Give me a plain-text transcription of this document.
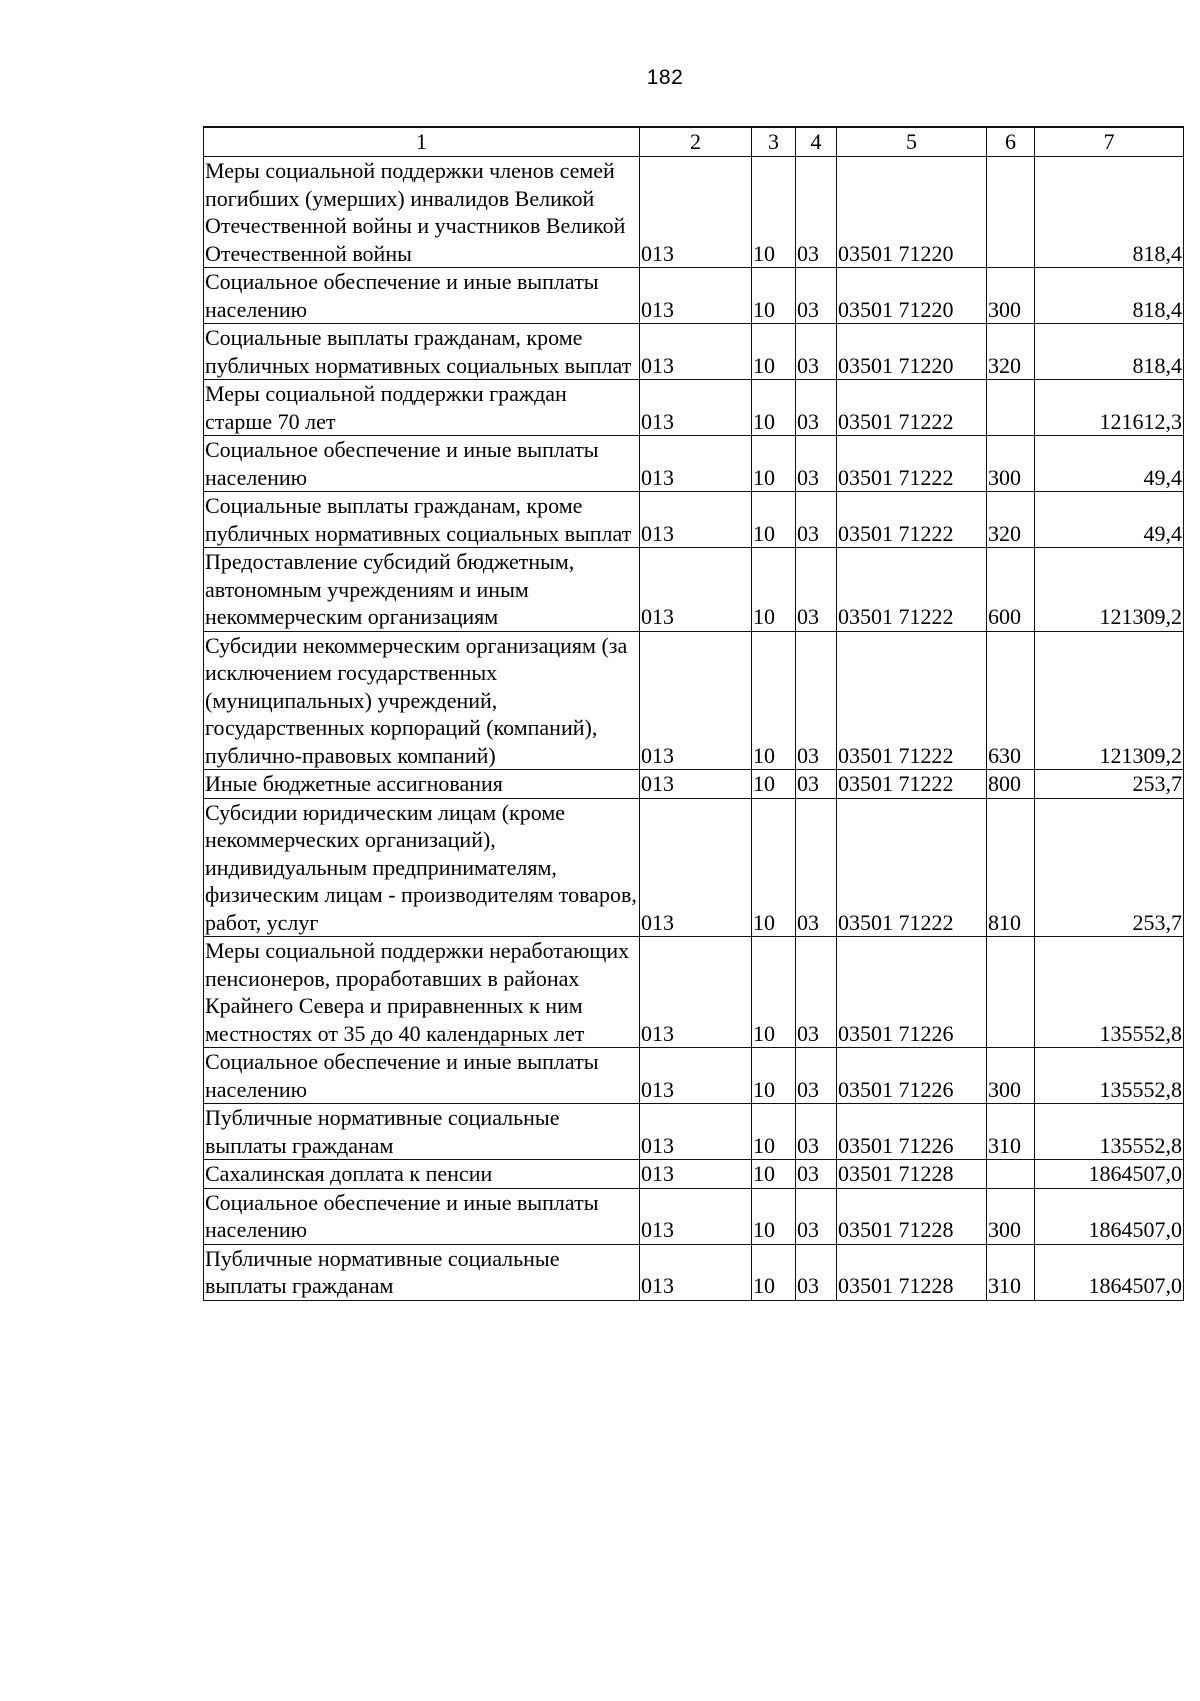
182
1	2	3	4	5	6	7
Меры социальной поддержки членов семей погибших (умерших) инвалидов Великой Отечественной войны и участников Великой Отечественной войны	013	10	03	03501 71220		818,4
Социальное обеспечение и иные выплаты населению	013	10	03	03501 71220	300	818,4
Социальные выплаты гражданам, кроме публичных нормативных социальных выплат	013	10	03	03501 71220	320	818,4
Меры социальной поддержки граждан старше 70 лет	013	10	03	03501 71222		121612,3
Социальное обеспечение и иные выплаты населению	013	10	03	03501 71222	300	49,4
Социальные выплаты гражданам, кроме публичных нормативных социальных выплат	013	10	03	03501 71222	320	49,4
Предоставление субсидий бюджетным, автономным учреждениям и иным некоммерческим организациям	013	10	03	03501 71222	600	121309,2
Субсидии некоммерческим организациям (за исключением государственных (муниципальных) учреждений, государственных корпораций (компаний), публично-правовых компаний)	013	10	03	03501 71222	630	121309,2
Иные бюджетные ассигнования	013	10	03	03501 71222	800	253,7
Субсидии юридическим лицам (кроме некоммерческих организаций), индивидуальным предпринимателям, физическим лицам - производителям товаров, работ, услуг	013	10	03	03501 71222	810	253,7
Меры социальной поддержки неработающих пенсионеров, проработавших в районах Крайнего Севера и приравненных к ним местностях от 35 до 40 календарных лет	013	10	03	03501 71226		135552,8
Социальное обеспечение и иные выплаты населению	013	10	03	03501 71226	300	135552,8
Публичные нормативные социальные выплаты гражданам	013	10	03	03501 71226	310	135552,8
Сахалинская доплата к пенсии	013	10	03	03501 71228		1864507,0
Социальное обеспечение и иные выплаты населению	013	10	03	03501 71228	300	1864507,0
Публичные нормативные социальные выплаты гражданам	013	10	03	03501 71228	310	1864507,0
